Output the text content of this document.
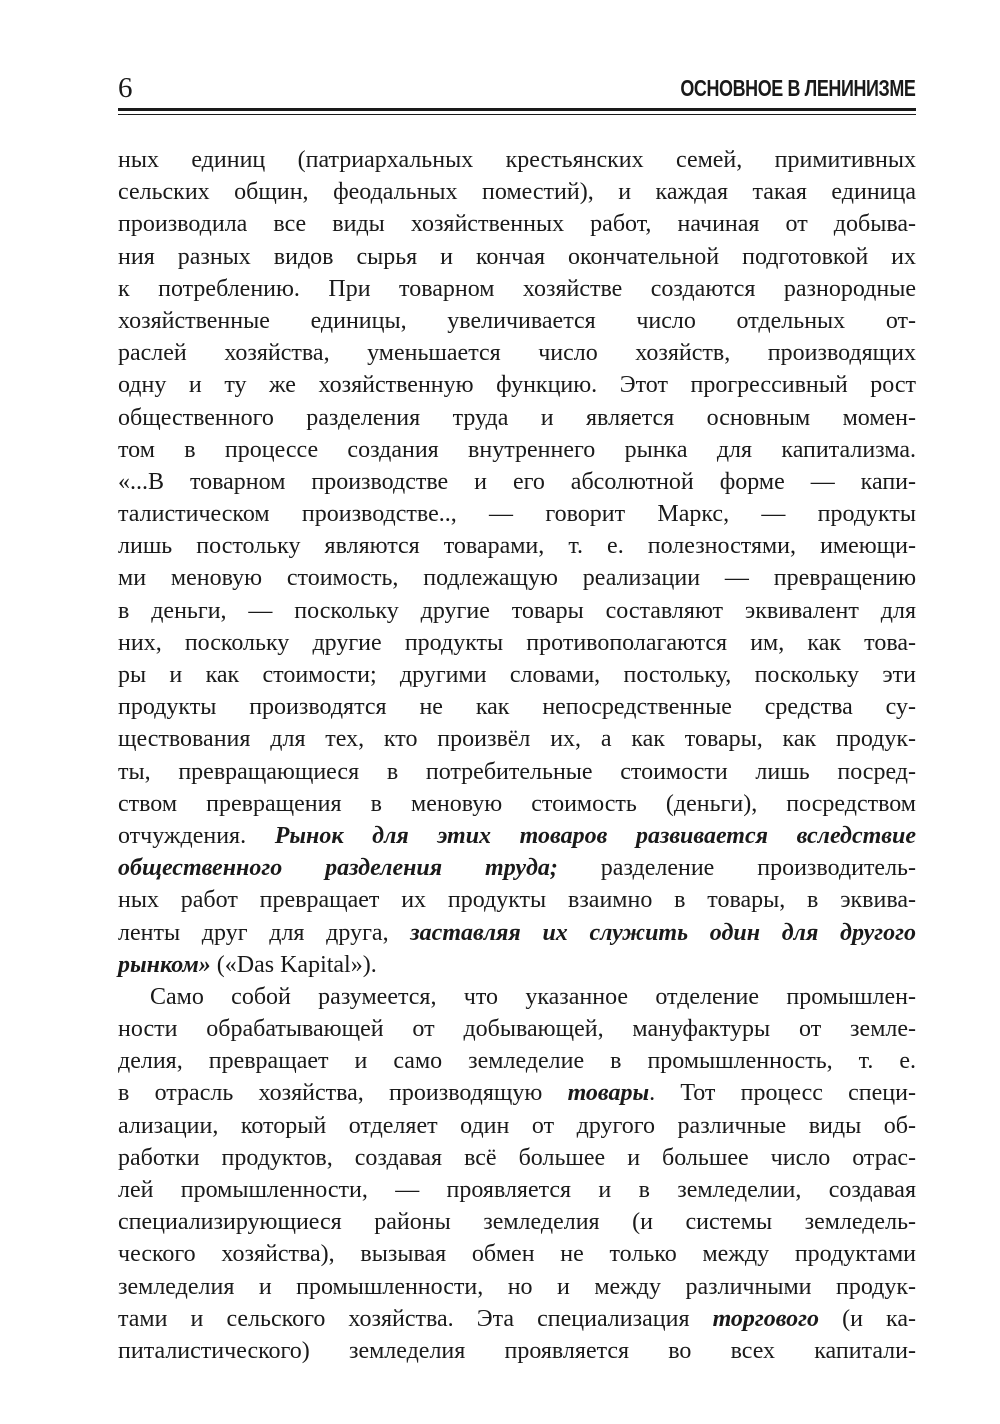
6	ОСНОВНОЕ В ЛЕНИНИЗМЕ
ных единиц (патриархальных крестьянских семей, примитивных
сельских общин, феодальных поместий), и каждая такая единица
производила все виды хозяйственных работ, начиная от добыва-
ния разных видов сырья и кончая окончательной подготовкой их
к потреблению. При товарном хозяйстве создаются разнородные
хозяйственные единицы, увеличивается число отдельных от-
раслей хозяйства, уменьшается число хозяйств, производящих
одну и ту же хозяйственную функцию. Этот прогрессивный рост
общественного разделения труда и является основным момен-
том в процессе создания внутреннего рынка для капитализма.
«...В товарном производстве и его абсолютной форме — капи-
талистическом производстве.., — говорит Маркс, — продукты
лишь постольку являются товарами, т. е. полезностями, имеющи-
ми меновую стоимость, подлежащую реализации — превращению
в деньги, — поскольку другие товары составляют эквивалент для
них, поскольку другие продукты противополагаются им, как това-
ры и как стоимости; другими словами, постольку, поскольку эти
продукты производятся не как непосредственные средства су-
ществования для тех, кто произвёл их, а как товары, как продук-
ты, превращающиеся в потребительные стоимости лишь посред-
ством превращения в меновую стоимость (деньги), посредством
отчуждения. Рынок для этих товаров развивается вследствие
общественного разделения труда; разделение производитель-
ных работ превращает их продукты взаимно в товары, в эквива-
ленты друг для друга, заставляя их служить один для другого
рынком» («Das Kapital»).
Само собой разумеется, что указанное отделение промышлен-
ности обрабатывающей от добывающей, мануфактуры от земле-
делия, превращает и само земледелие в промышленность, т. е.
в отрасль хозяйства, производящую товары. Тот процесс специ-
ализации, который отделяет один от другого различные виды об-
работки продуктов, создавая всё большее и большее число отрас-
лей промышленности, — проявляется и в земледелии, создавая
специализирующиеся районы земледелия (и системы земледель-
ческого хозяйства), вызывая обмен не только между продуктами
земледелия и промышленности, но и между различными продук-
тами и сельского хозяйства. Эта специализация торгового (и ка-
питалистического) земледелия проявляется во всех капитали-
